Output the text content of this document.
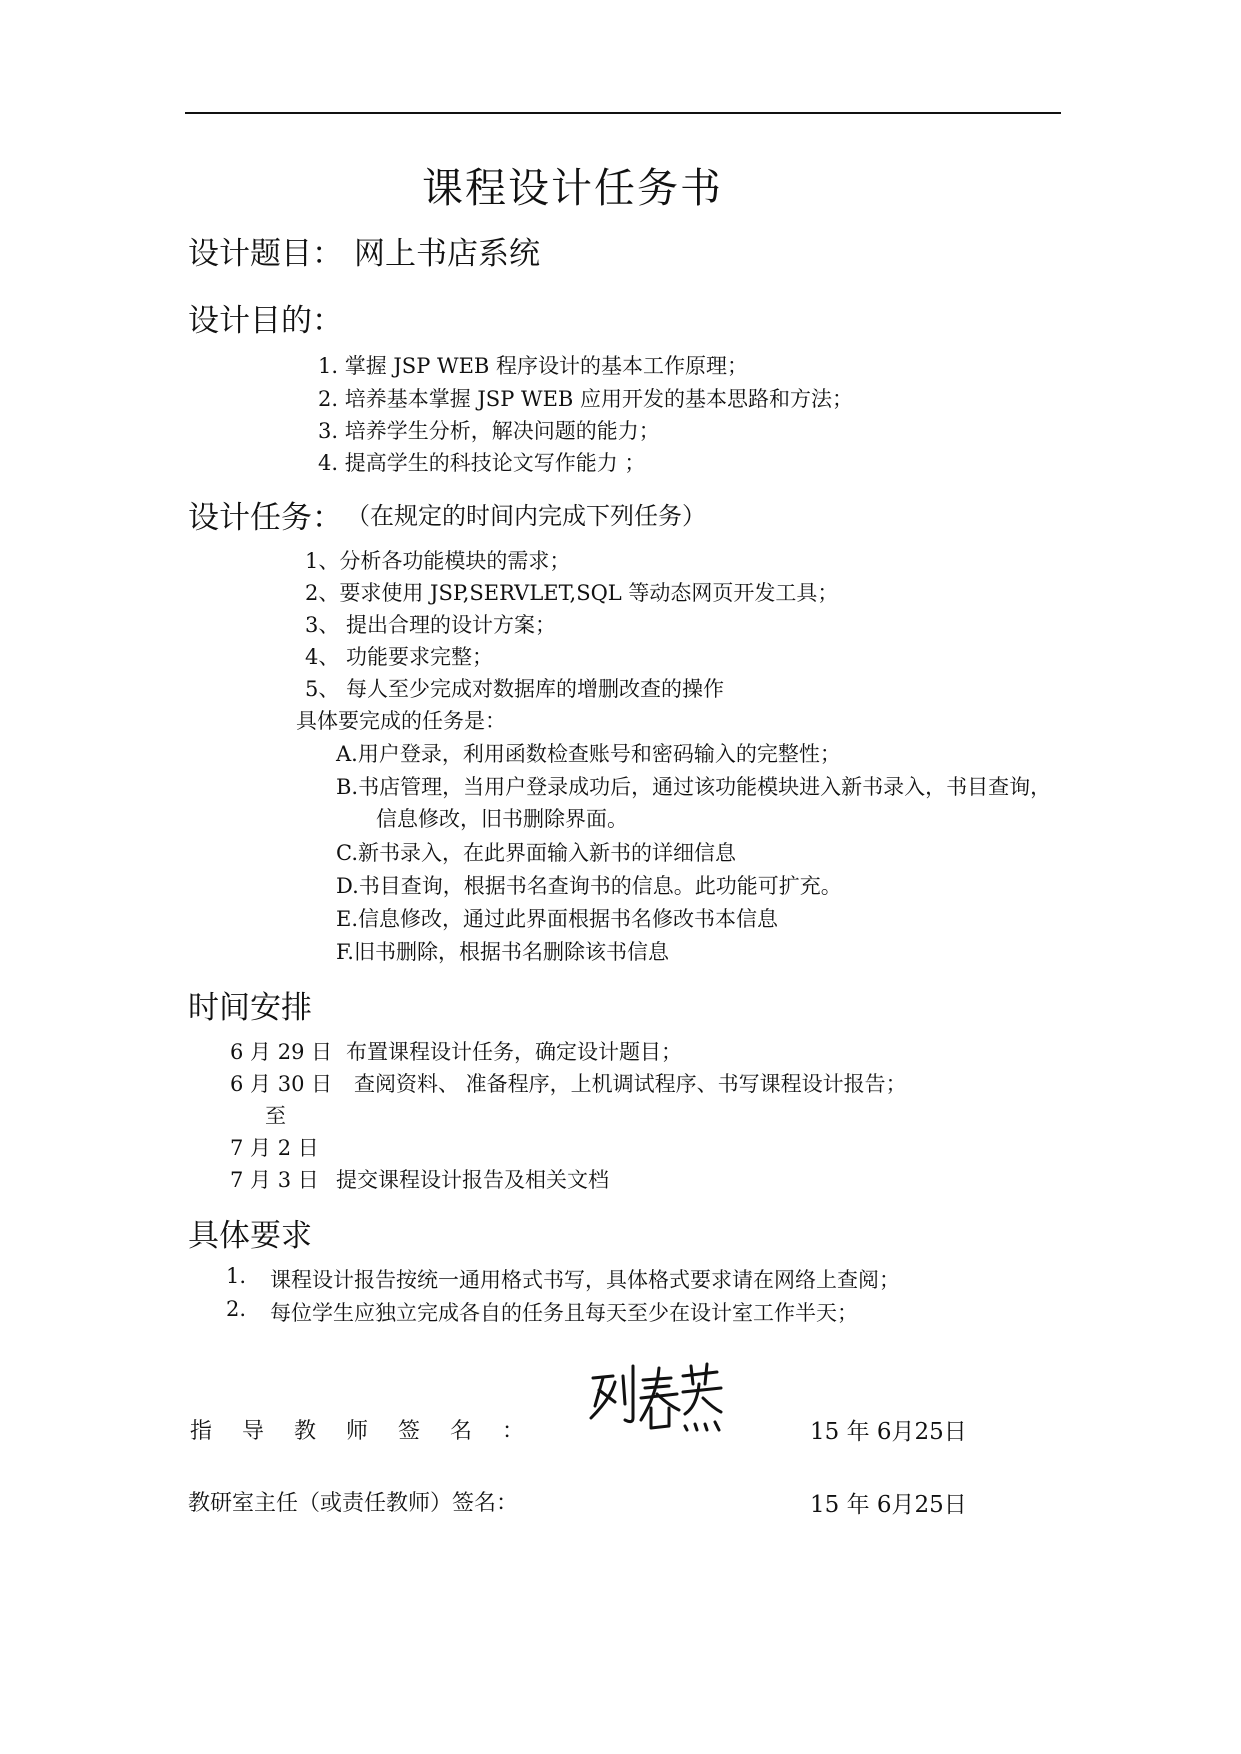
课程设计任务书
设计题目： 网上书店系统
设计目的：
1. 掌握 JSP WEB 程序设计的基本工作原理；
2. 培养基本掌握 JSP WEB 应用开发的基本思路和方法；
3. 培养学生分析，解决问题的能力；
4. 提高学生的科技论文写作能力 ；
设计任务： （在规定的时间内完成下列任务）
1、分析各功能模块的需求；
2、要求使用 JSP,SERVLET,SQL 等动态网页开发工具；
3、 提出合理的设计方案；
4、 功能要求完整；
5、 每人至少完成对数据库的增删改查的操作
具体要完成的任务是：
A.用户登录，利用函数检查账号和密码输入的完整性；
B.书店管理，当用户登录成功后，通过该功能模块进入新书录入，书目查询，
信息修改，旧书删除界面。
C.新书录入，在此界面输入新书的详细信息
D.书目查询，根据书名查询书的信息。此功能可扩充。
E.信息修改，通过此界面根据书名修改书本信息
F.旧书删除，根据书名删除该书信息
时间安排
6 月 29 日 布置课程设计任务，确定设计题目；
6 月 30 日 查阅资料、 准备程序，上机调试程序、书写课程设计报告；
至
7 月 2 日
7 月 3 日 提交课程设计报告及相关文档
具体要求
1. 课程设计报告按统一通用格式书写，具体格式要求请在网络上查阅；
2. 每位学生应独立完成各自的任务且每天至少在设计室工作半天；
指导教师签名：	15 年 6月25日
教研室主任（或责任教师）签名：	15 年 6月25日
